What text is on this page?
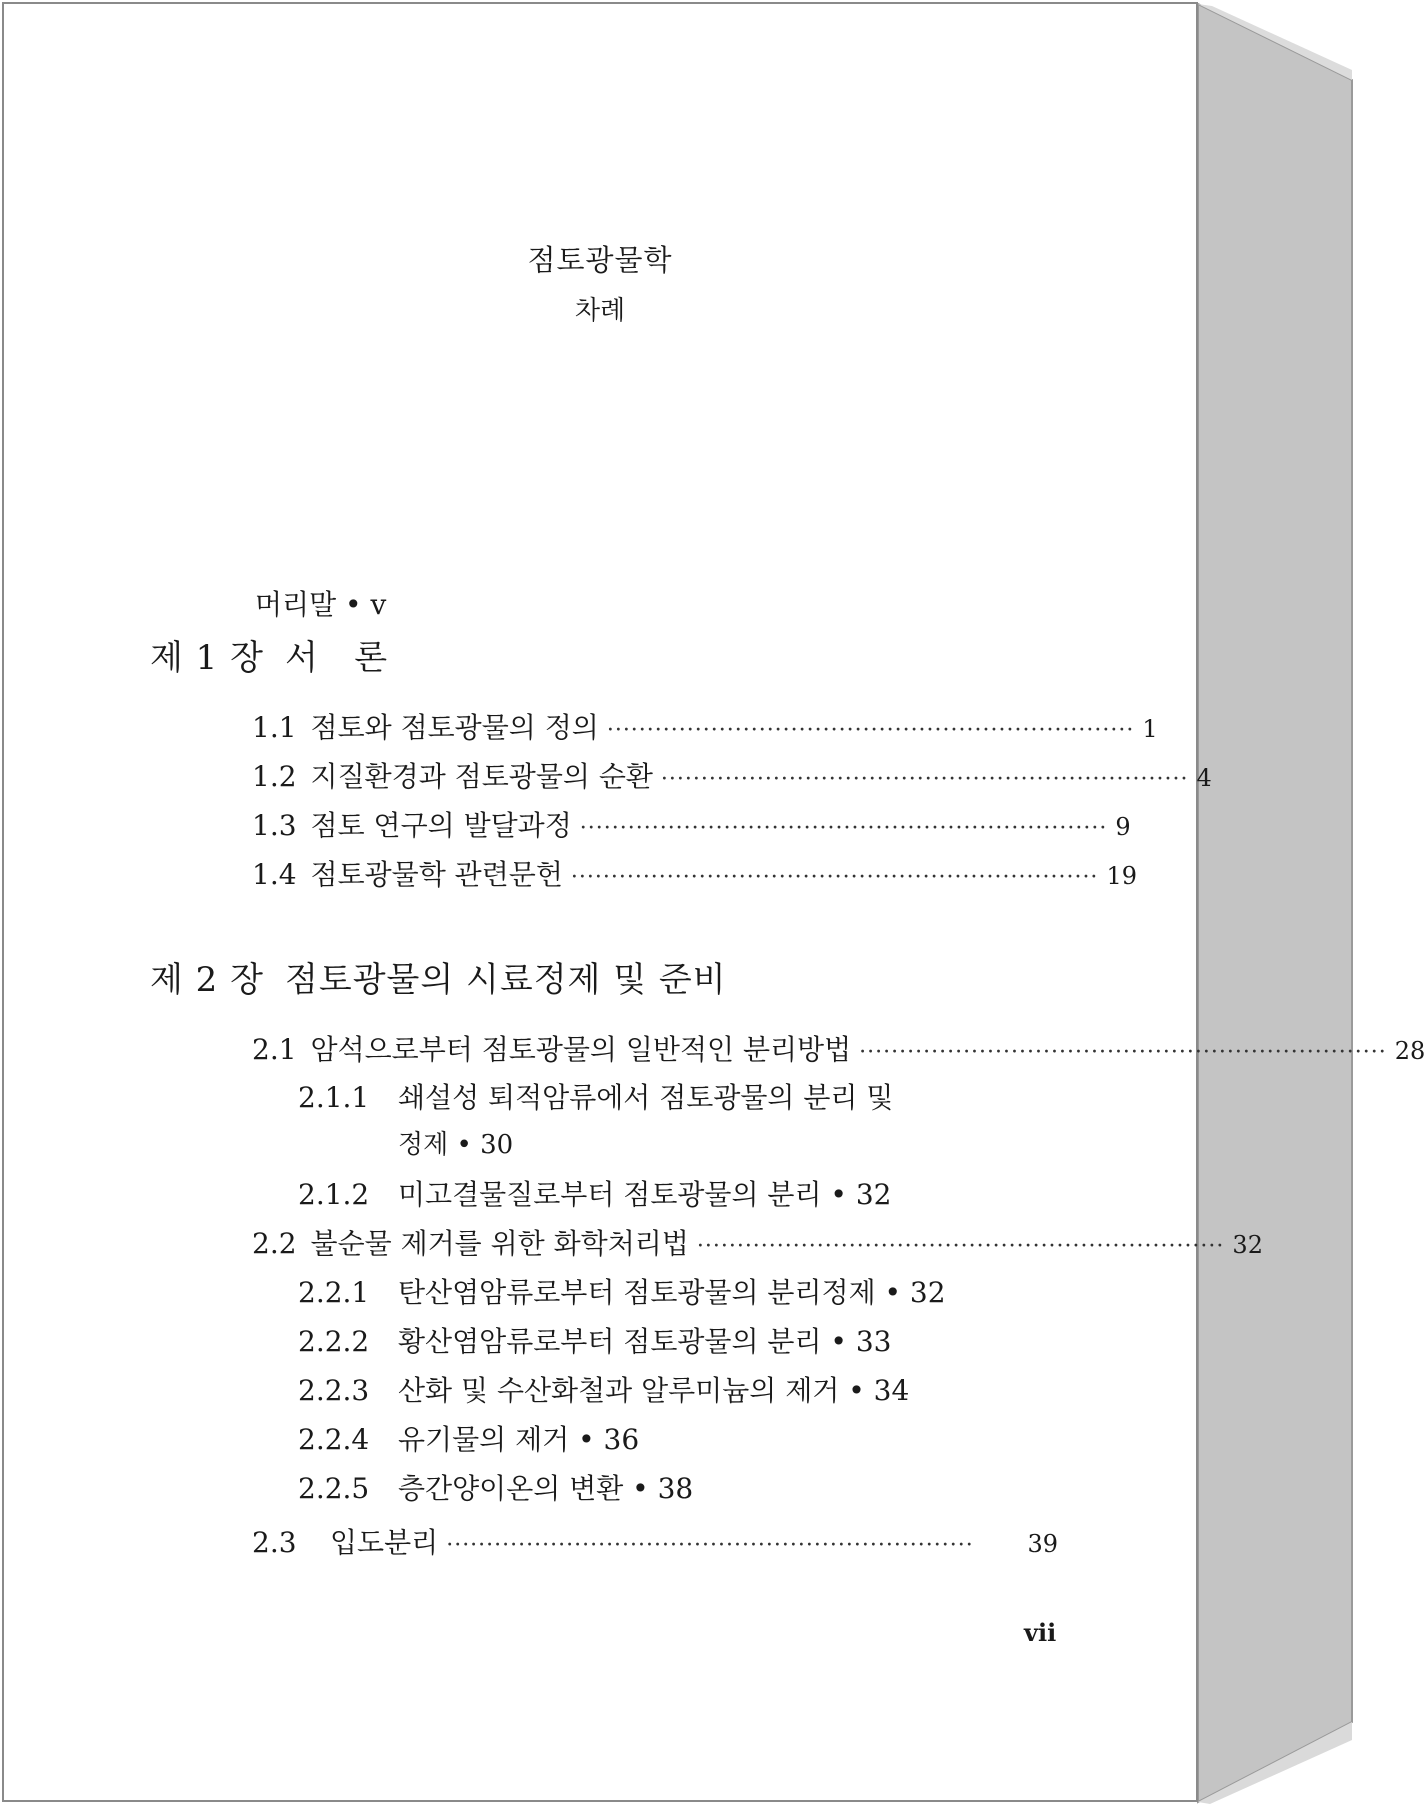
점토광물학
차례
머리말 • v
제 1 장 서   론
1.1 점토와 점토광물의 정의 ·································································· 1
1.2 지질환경과 점토광물의 순환 ·································································· 4
1.3 점토 연구의 발달과정 ·································································· 9
1.4 점토광물학 관련문헌 ·································································· 19
제 2 장 점토광물의 시료정제 및 준비
2.1 암석으로부터 점토광물의 일반적인 분리방법 ·································································· 28
2.1.1	쇄설성 퇴적암류에서 점토광물의 분리 및
정제 • 30
2.1.2	미고결물질로부터 점토광물의 분리 • 32
2.2 불순물 제거를 위한 화학처리법 ·································································· 32
2.2.1	탄산염암류로부터 점토광물의 분리정제 • 32
2.2.2	황산염암류로부터 점토광물의 분리 • 33
2.2.3	산화 및 수산화철과 알루미늄의 제거 • 34
2.2.4	유기물의 제거 • 36
2.2.5	층간양이온의 변환 • 38
2.3	입도분리 ··································································	39
vii
